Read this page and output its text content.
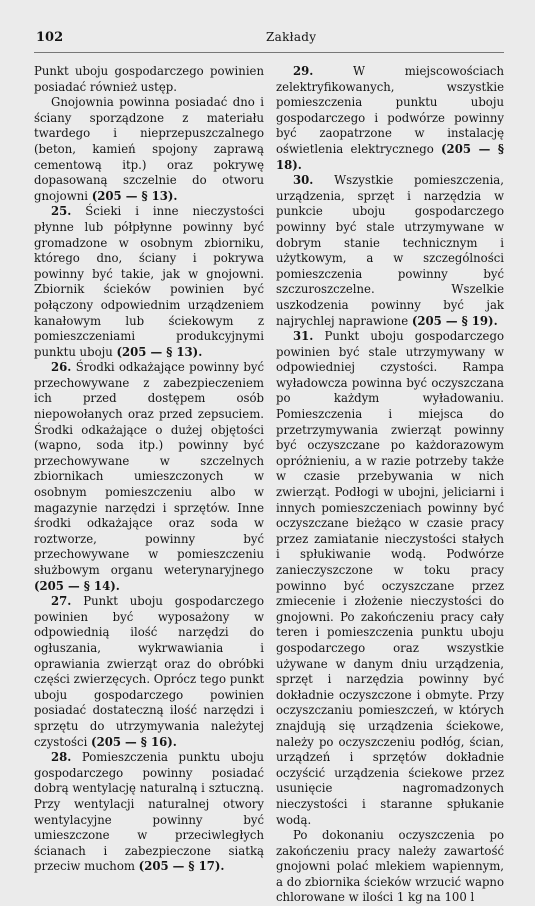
102	Zakłady

Punkt uboju gospodarczego powinien posiadać również ustęp.

Gnojownia powinna posiadać dno i ściany sporządzone z materiału twardego i nieprzepuszczalnego (beton, kamień spojony zaprawą cementową itp.) oraz pokrywę dopasowaną szczelnie do otworu gnojowni (205 — § 13).

25. Ścieki i inne nieczystości płynne lub półpłynne powinny być gromadzone w osobnym zbiorniku, którego dno, ściany i pokrywa powinny być takie, jak w gnojowni. Zbiornik ścieków powinien być połączony odpowiednim urządzeniem kanałowym lub ściekowym z pomieszczeniami produkcyjnymi punktu uboju (205 — § 13).

26. Środki odkażające powinny być przechowywane z zabezpieczeniem ich przed dostępem osób niepowołanych oraz przed zepsuciem. Środki odkażające o dużej objętości (wapno, soda itp.) powinny być przechowywane w szczelnych zbiornikach umieszczonych w osobnym pomieszczeniu albo w magazynie narzędzi i sprzętów. Inne środki odkażające oraz soda w roztworze, powinny być przechowywane w pomieszczeniu służbowym organu weterynaryjnego (205 — § 14).

27. Punkt uboju gospodarczego powinien być wyposażony w odpowiednią ilość narzędzi do ogłuszania, wykrwawiania i oprawiania zwierząt oraz do obróbki części zwierzęcych. Oprócz tego punkt uboju gospodarczego powinien posiadać dostateczną ilość narzędzi i sprzętu do utrzymywania należytej czystości (205 — § 16).

28. Pomieszczenia punktu uboju gospodarczego powinny posiadać dobrą wentylację naturalną i sztuczną. Przy wentylacji naturalnej otwory wentylacyjne powinny być umieszczone w przeciwległych ścianach i zabezpieczone siatką przeciw muchom (205 — § 17).

29.	W miejscowościach zelektryfikowanych, wszystkie pomieszczenia punktu uboju gospodarczego i podwórze powinny być zaopatrzone w instalację oświetlenia elektrycznego (205 — § 18).

30. Wszystkie pomieszczenia, urządzenia, sprzęt i narzędzia w punkcie uboju gospodarczego powinny być stale utrzymywane w dobrym stanie technicznym i użytkowym, a w szczególności pomieszczenia powinny być szczuroszczelne. Wszelkie uszkodzenia powinny być jak najrychlej naprawione (205 — § 19).

31. Punkt uboju gospodarczego powinien być stale utrzymywany w odpowiedniej czystości. Rampa wyładowcza powinna być oczyszczana po każdym wyładowaniu. Pomieszczenia i miejsca do przetrzymywania zwierząt powinny być oczyszczane po każdorazowym opróżnieniu, a w razie potrzeby także w czasie przebywania w nich zwierząt. Podłogi w ubojni, jeliciarni i innych pomieszczeniach powinny być oczyszczane bieżąco w czasie pracy przez zamiatanie nieczystości stałych i spłukiwanie wodą. Podwórze zanieczyszczone w toku pracy powinno być oczyszczane przez zmiecenie i złożenie nieczystości do gnojowni. Po zakończeniu pracy cały teren i pomieszczenia punktu uboju gospodarczego oraz wszystkie używane w danym dniu urządzenia, sprzęt i narzędzia powinny być dokładnie oczyszczone i obmyte. Przy oczyszczaniu pomieszczeń, w których znajdują się urządzenia ściekowe, należy po oczyszczeniu podłóg, ścian, urządzeń i sprzętów dokładnie oczyścić urządzenia ściekowe przez usunięcie nagromadzonych nieczystości i staranne spłukanie wodą.

Po dokonaniu oczyszczenia po zakończeniu pracy należy zawartość gnojowni polać mlekiem wapiennym, a do zbiornika ścieków wrzucić wapno chlorowane w ilości 1 kg na 100 l
